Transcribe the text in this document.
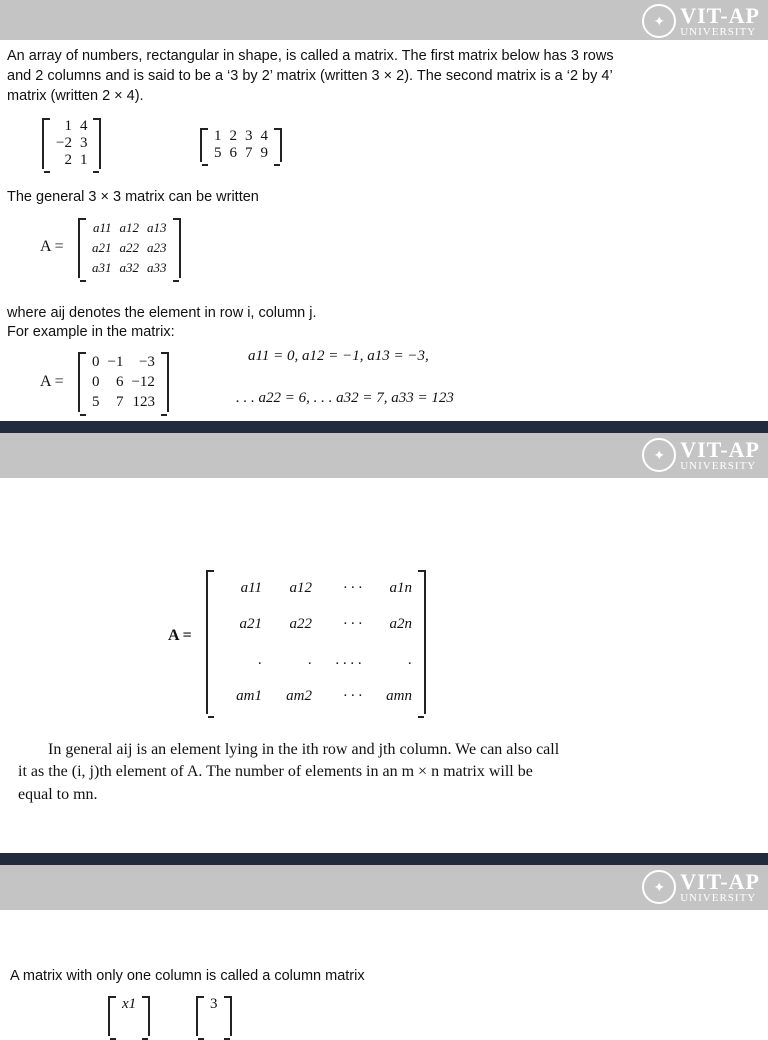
✦ VIT-AP
UNIVERSITY
An array of numbers, rectangular in shape, is called a matrix. The first matrix below has 3 rows
and 2 columns and is said to be a ‘3 by 2’ matrix (written 3 × 2). The second matrix is a ‘2 by 4’
matrix (written 2 × 4).
1 4
−2 3
2 1
1 2 3 4
5 6 7 9
The general 3 × 3 matrix can be written
A =
a11 a12 a13
a21 a22 a23
a31 a32 a33
where aij denotes the element in row i, column j.
For example in the matrix:
A =
0 −1	−3
0	6 −12
5	7 123
a11 = 0, a12 = −1, a13 = −3,
. . . a22 = 6, . . . a32 = 7, a33 = 123
✦ VIT-AP
UNIVERSITY
A =
a11	a12	· · ·	a1n
a21	a22	· · ·	a2n
.	.	. . . .	.
am1	am2	· · ·	amn
In general aij is an element lying in the ith row and jth column. We can also call
it as the (i, j)th element of A. The number of elements in an m × n matrix will be
equal to mn.
✦ VIT-AP
UNIVERSITY
A matrix with only one column is called a column matrix
x1	3
